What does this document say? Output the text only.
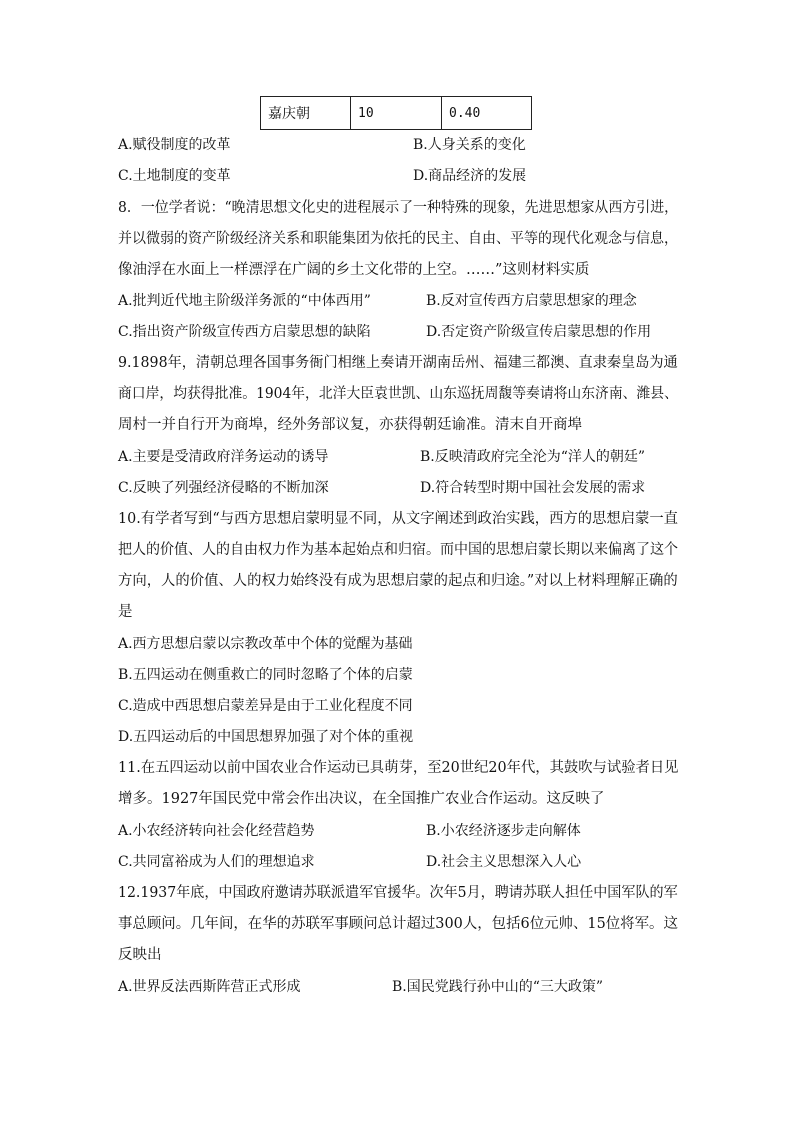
嘉庆朝	10	0.40
A.赋役制度的改革	B.人身关系的变化
C.土地制度的变革	D.商品经济的发展
8．一位学者说：“晚清思想文化史的进程展示了一种特殊的现象，先进思想家从西方引进，
并以微弱的资产阶级经济关系和职能集团为依托的民主、自由、平等的现代化观念与信息，
像油浮在水面上一样漂浮在广阔的乡土文化带的上空。……”这则材料实质
A.批判近代地主阶级洋务派的“中体西用”	B.反对宣传西方启蒙思想家的理念
C.指出资产阶级宣传西方启蒙思想的缺陷	D.否定资产阶级宣传启蒙思想的作用
9.1898年，清朝总理各国事务衙门相继上奏请开湖南岳州、福建三都澳、直隶秦皇岛为通
商口岸，均获得批准。1904年，北洋大臣袁世凯、山东巡抚周馥等奏请将山东济南、潍县、
周村一并自行开为商埠，经外务部议复，亦获得朝廷谕准。清末自开商埠
A.主要是受清政府洋务运动的诱导	B.反映清政府完全沦为“洋人的朝廷”
C.反映了列强经济侵略的不断加深	D.符合转型时期中国社会发展的需求
10.有学者写到“与西方思想启蒙明显不同，从文字阐述到政治实践，西方的思想启蒙一直
把人的价值、人的自由权力作为基本起始点和归宿。而中国的思想启蒙长期以来偏离了这个
方向，人的价值、人的权力始终没有成为思想启蒙的起点和归途。”对以上材料理解正确的
是
A.西方思想启蒙以宗教改革中个体的觉醒为基础
B.五四运动在侧重救亡的同时忽略了个体的启蒙
C.造成中西思想启蒙差异是由于工业化程度不同
D.五四运动后的中国思想界加强了对个体的重视
11.在五四运动以前中国农业合作运动已具萌芽，至20世纪20年代，其鼓吹与试验者日见
增多。1927年国民党中常会作出决议，在全国推广农业合作运动。这反映了
A.小农经济转向社会化经营趋势	B.小农经济逐步走向解体
C.共同富裕成为人们的理想追求	D.社会主义思想深入人心
12.1937年底，中国政府邀请苏联派遣军官援华。次年5月，聘请苏联人担任中国军队的军
事总顾问。几年间，在华的苏联军事顾问总计超过300人，包括6位元帅、15位将军。这
反映出
A.世界反法西斯阵营正式形成	B.国民党践行孙中山的“三大政策”
